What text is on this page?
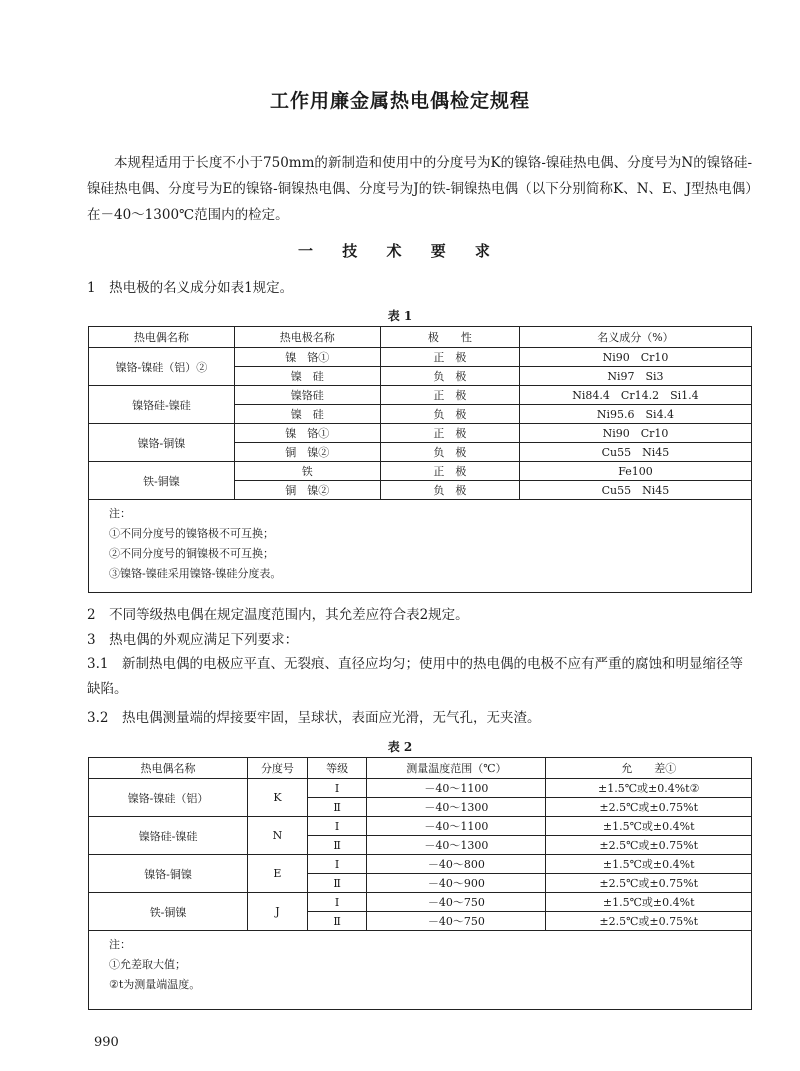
工作用廉金属热电偶检定规程
本规程适用于长度不小于750mm的新制造和使用中的分度号为K的镍铬-镍硅热电偶、分度号为N的镍铬硅-镍硅热电偶、分度号为E的镍铬-铜镍热电偶、分度号为J的铁-铜镍热电偶（以下分别简称K、N、E、J型热电偶）在－40～1300℃范围内的检定。
一 技 术 要 求
1　热电极的名义成分如表1规定。
表 1
热电偶名称	热电极名称	极　　性	名义成分（%）
镍铬-镍硅（铝）②	镍　铬①	正　极	Ni90　Cr10
	镍　硅	负　极	Ni97　Si3
镍铬硅-镍硅	镍铬硅	正　极	Ni84.4　Cr14.2　Si1.4
	镍　硅	负　极	Ni95.6　Si4.4
镍铬-铜镍	镍　铬①	正　极	Ni90　Cr10
	铜　镍②	负　极	Cu55　Ni45
铁-铜镍	铁	正　极	Fe100
	铜　镍②	负　极	Cu55　Ni45

注：
①不同分度号的镍铬极不可互换；
②不同分度号的铜镍极不可互换；
③镍铬-镍硅采用镍铬-镍硅分度表。			
2　不同等级热电偶在规定温度范围内，其允差应符合表2规定。
3　热电偶的外观应满足下列要求：
3.1　新制热电偶的电极应平直、无裂痕、直径应均匀；使用中的热电偶的电极不应有严重的腐蚀和明显缩径等缺陷。
3.2　热电偶测量端的焊接要牢固，呈球状，表面应光滑，无气孔，无夹渣。
表 2
热电偶名称	分度号	等级	测量温度范围（℃）	允　　差①
镍铬-镍硅（铝）	K	Ⅰ	－40～1100	±1.5℃或±0.4%t②
		Ⅱ	－40～1300	±2.5℃或±0.75%t
镍铬硅-镍硅	N	Ⅰ	－40～1100	±1.5℃或±0.4%t
		Ⅱ	－40～1300	±2.5℃或±0.75%t
镍铬-铜镍	E	Ⅰ	－40～800	±1.5℃或±0.4%t
		Ⅱ	－40～900	±2.5℃或±0.75%t
铁-铜镍	J	Ⅰ	－40～750	±1.5℃或±0.4%t
		Ⅱ	－40～750	±2.5℃或±0.75%t

注：
①允差取大值；
②t为测量端温度。				
990
